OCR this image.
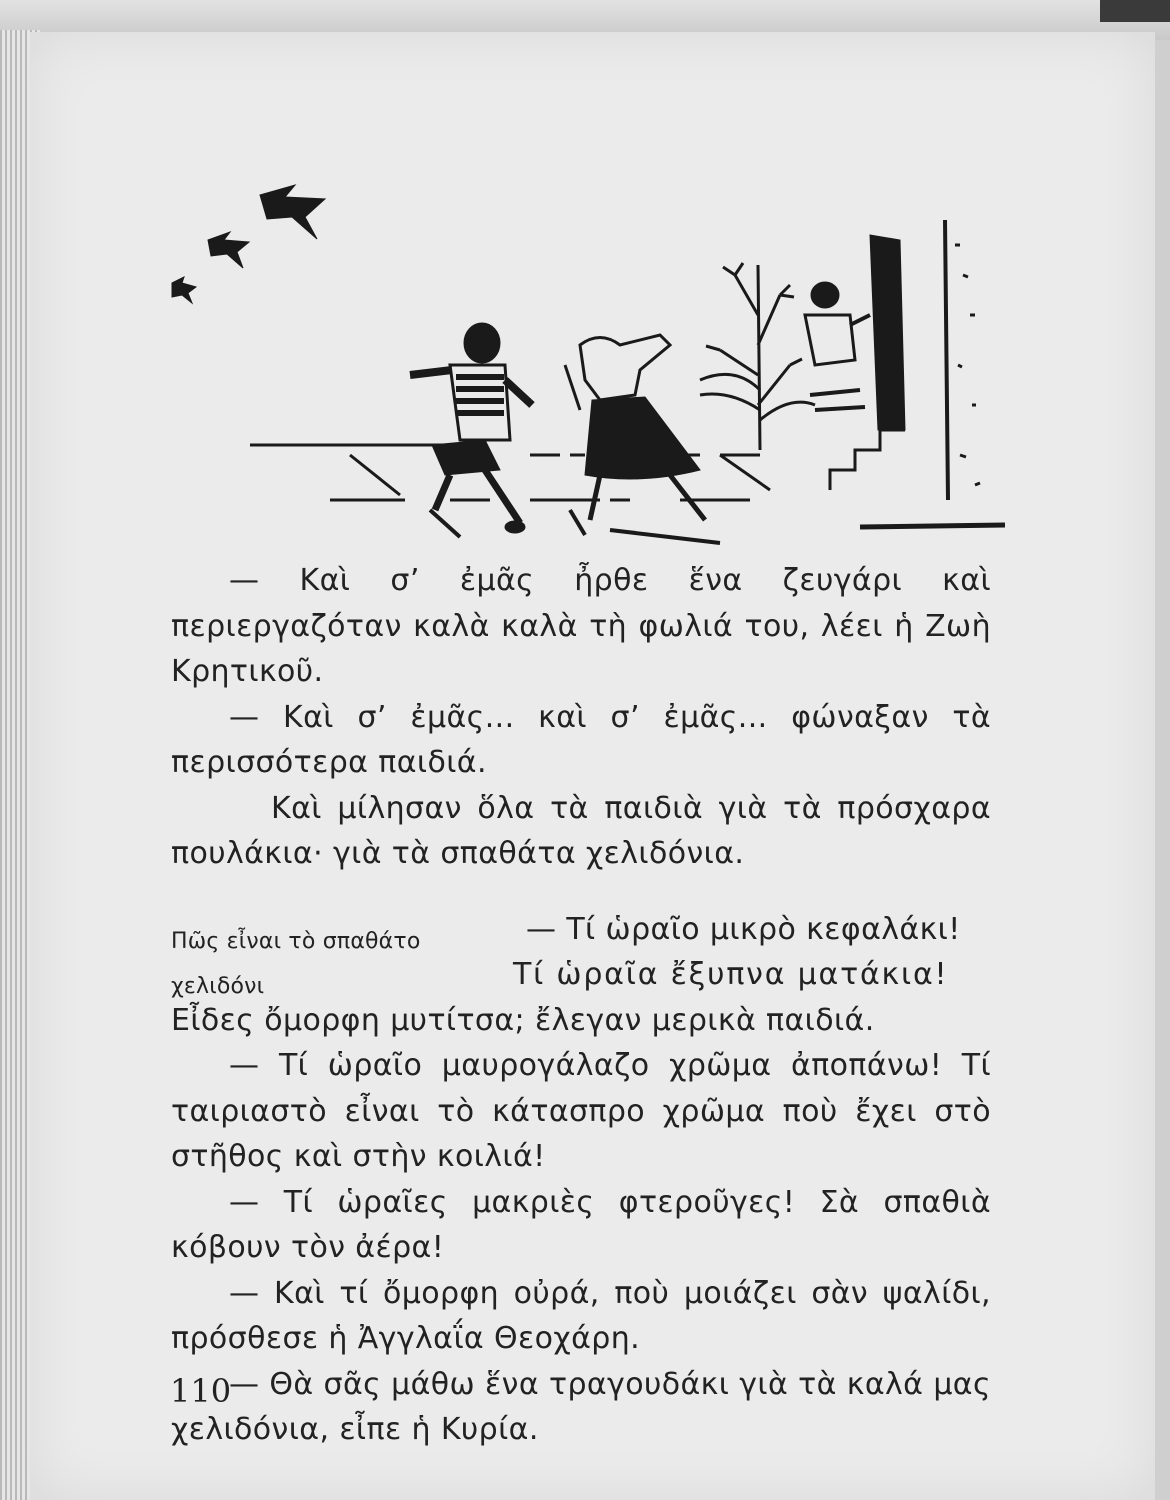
— Καὶ σ’ ἐμᾶς ἦρθε ἕνα ζευγάρι καὶ περιεργαζόταν καλὰ καλὰ τὴ φωλιά του, λέει ἡ Ζωὴ Κρητικοῦ.

— Καὶ σ’ ἐμᾶς... καὶ σ’ ἐμᾶς... φώναξαν τὰ περισσότερα παιδιά.

Καὶ μίλησαν ὅλα τὰ παιδιὰ γιὰ τὰ πρόσχαρα πουλάκια· γιὰ τὰ σπαθάτα χελιδόνια.

Πῶς εἶναι τὸ σπαθάτο	— Τί ὡραῖο μικρὸ κεφαλάκι!
χελιδόνι	Τί ὡραῖα ἔξυπνα ματάκια!

Εἶδες ὄμορφη μυτίτσα; ἔλεγαν μερικὰ παιδιά.

— Τί ὡραῖο μαυρογάλαζο χρῶμα ἀποπάνω! Τί ταιριαστὸ εἶναι τὸ κάτασπρο χρῶμα ποὺ ἔχει στὸ στῆθος καὶ στὴν κοιλιά!

— Τί ὡραῖες μακριὲς φτεροῦγες! Σὰ σπαθιὰ κόβουν τὸν ἀέρα!

— Καὶ τί ὄμορφη οὐρά, ποὺ μοιάζει σὰν ψαλίδι, πρόσθεσε ἡ Ἀγγλαΐα Θεοχάρη.

— Θὰ σᾶς μάθω ἕνα τραγουδάκι γιὰ τὰ καλά μας χελιδόνια, εἶπε ἡ Κυρία.

110
